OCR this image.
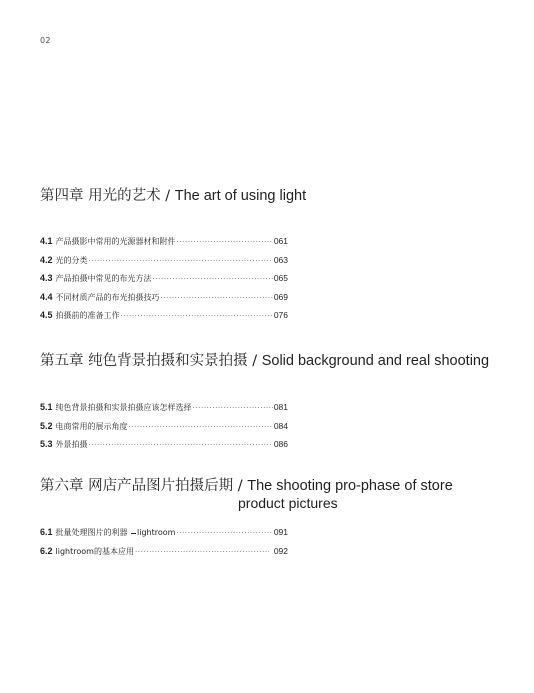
02
第四章 用光的艺术 / The art of using light
4.1 产品摄影中常用的光源器材和附件 ·····	061
4.2 光的分类 ·····	063
4.3 产品拍摄中常见的布光方法 ·····	065
4.4 不同材质产品的布光拍摄技巧 ·····	069
4.5 拍摄前的准备工作 ·····	076
第五章 纯色背景拍摄和实景拍摄 / Solid background and real shooting
5.1 纯色背景拍摄和实景拍摄应该怎样选择 ·····	081
5.2 电商常用的展示角度 ·····	084
5.3 外景拍摄 ·····	086
第六章 网店产品图片拍摄后期 / The shooting pro-phase of store
product pictures
6.1 批量处理图片的利器 lightroom ·····	091
6.2 lightroom的基本应用 ·····	092
